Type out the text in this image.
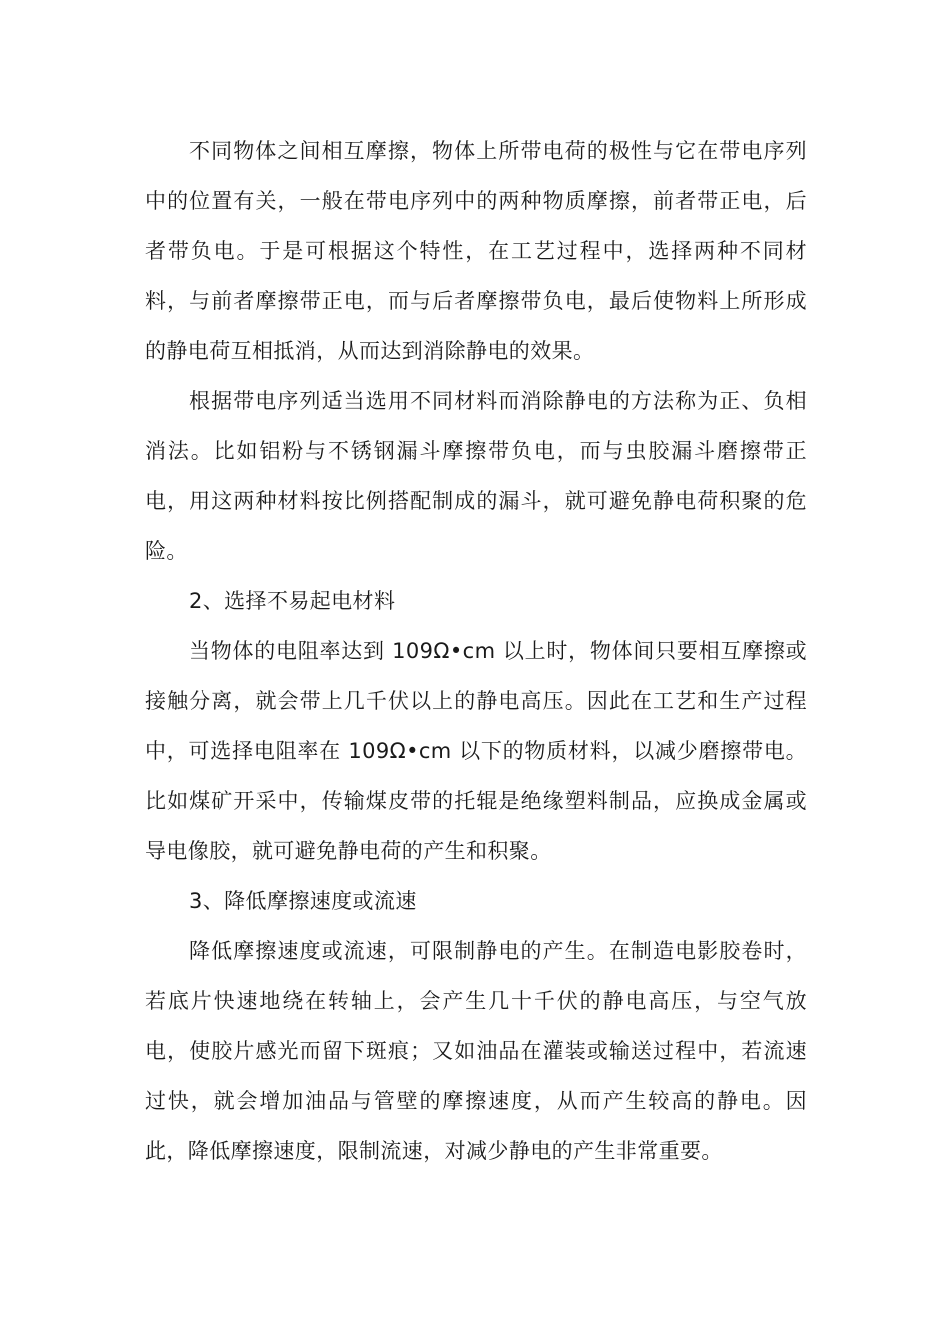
不同物体之间相互摩擦，物体上所带电荷的极性与它在带电序列中的位置有关，一般在带电序列中的两种物质摩擦，前者带正电，后者带负电。于是可根据这个特性，在工艺过程中，选择两种不同材料，与前者摩擦带正电，而与后者摩擦带负电，最后使物料上所形成的静电荷互相抵消，从而达到消除静电的效果。

根据带电序列适当选用不同材料而消除静电的方法称为正、负相消法。比如铝粉与不锈钢漏斗摩擦带负电，而与虫胶漏斗磨擦带正电，用这两种材料按比例搭配制成的漏斗，就可避免静电荷积聚的危险。

2、选择不易起电材料

当物体的电阻率达到 109Ω•cm 以上时，物体间只要相互摩擦或接触分离，就会带上几千伏以上的静电高压。因此在工艺和生产过程中，可选择电阻率在 109Ω•cm 以下的物质材料，以减少磨擦带电。比如煤矿开采中，传输煤皮带的托辊是绝缘塑料制品，应换成金属或导电像胶，就可避免静电荷的产生和积聚。

3、降低摩擦速度或流速

降低摩擦速度或流速，可限制静电的产生。在制造电影胶卷时，若底片快速地绕在转轴上，会产生几十千伏的静电高压，与空气放电，使胶片感光而留下斑痕；又如油品在灌装或输送过程中，若流速过快，就会增加油品与管壁的摩擦速度，从而产生较高的静电。因此，降低摩擦速度，限制流速，对减少静电的产生非常重要。
